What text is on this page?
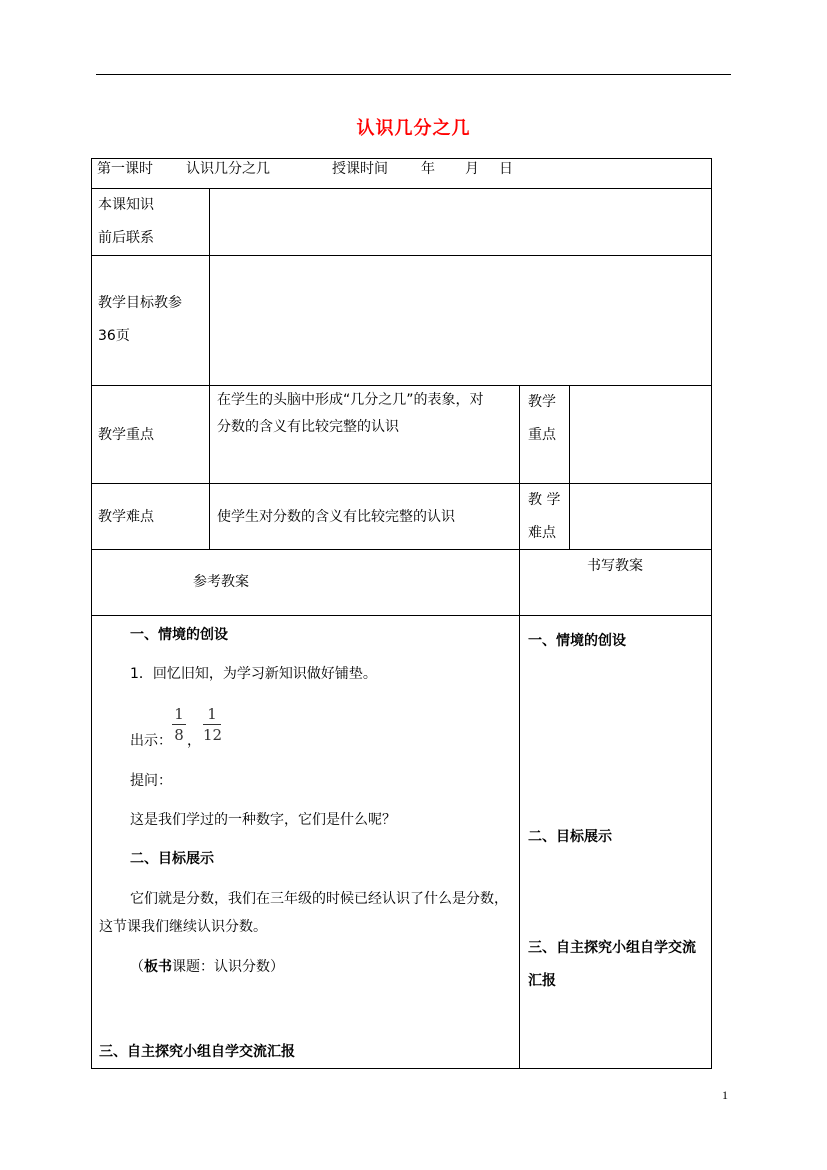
认识几分之几
第一课时 认识几分之几	授课时间 年 月 日
本课知识
前后联系
教学目标教参
36页
教学重点
在学生的头脑中形成“几分之几”的表象，对
分数的含义有比较完整的认识
教学
重点
教学难点	使学生对分数的含义有比较完整的认识
教 学
难点
参考教案
书写教案
一、情境的创设
1．回忆旧知，为学习新知识做好铺垫。
出示：
1
8 ，
1
12
提问：
这是我们学过的一种数字，它们是什么呢？
二、目标展示
它们就是分数，我们在三年级的时候已经认识了什么是分数，
这节课我们继续认识分数。
（板书课题：认识分数）
三、自主探究小组自学交流汇报
一、情境的创设
二、目标展示
三、自主探究小组自学交流
汇报
1
